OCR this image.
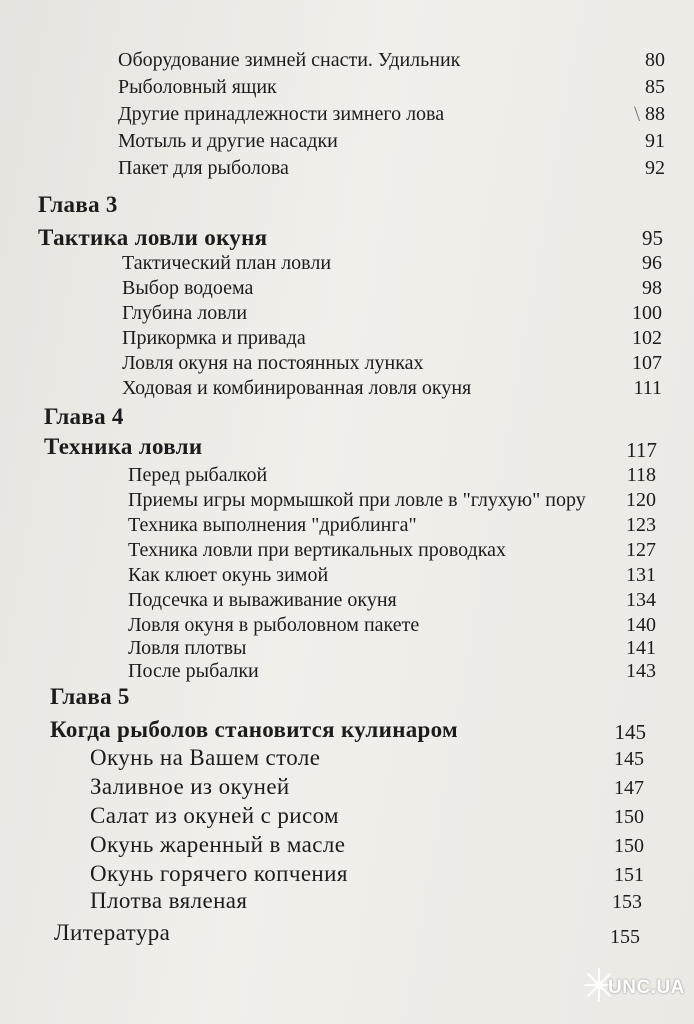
Оборудование зимней снасти. Удильник	80
Рыболовный ящик	85
Другие принадлежности зимнего лова	\ 88
Мотыль и другие насадки	91
Пакет для рыболова	92
Глава 3
Тактика ловли окуня	95
Тактический план ловли	96
Выбор водоема	98
Глубина ловли	100
Прикормка и привада	102
Ловля окуня на постоянных лунках	107
Ходовая и комбинированная ловля окуня	111
Глава 4
Техника ловли	117
Перед рыбалкой	118
Приемы игры мормышкой при ловле в "глухую" пору 120
Техника выполнения "дриблинга"	123
Техника ловли при вертикальных проводках	127
Как клюет окунь зимой	131
Подсечка и вываживание окуня	134
Ловля окуня в рыболовном пакете	140
Ловля плотвы	141
После рыбалки	143
Глава 5
Когда рыболов становится кулинаром	145
Окунь на Вашем столе	145
Заливное из окуней	147
Салат из окуней с рисом	150
Окунь жаренный в масле	150
Окунь горячего копчения	151
Плотва вяленая	153
Литература	155
UNC.UA
